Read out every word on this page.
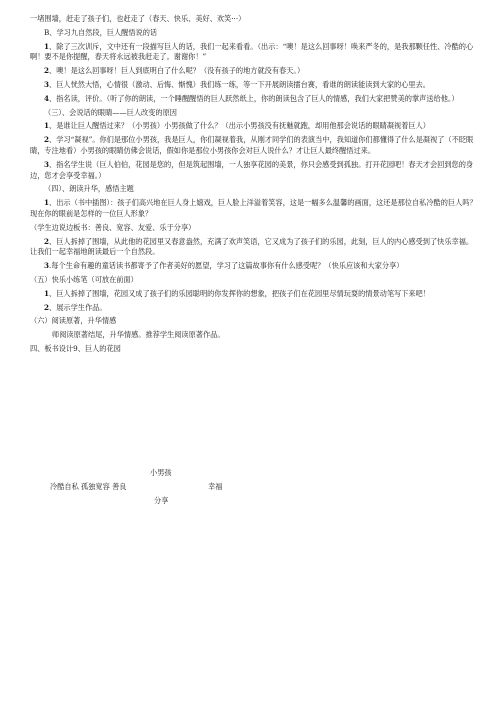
一堵围墙，赶走了孩子们，也赶走了（春天、快乐、美好、欢笑···）

B、学习九自然段，巨人醒悟说的话

1、除了三次训斥，文中还有一段描写巨人的话，我们一起来看看。（出示：“噢！是这么回事呀！唤来严冬的，是我那颗任性、冷酷的心啊！要不是你提醒，春天将永远被我赶走了。谢谢你！”

2、噢！是这么回事呀！巨人到底明白了什么呢？（没有孩子的地方就没有春天。）

3、巨人恍然大悟，心情很（激动、后悔、惭愧）我们练一练，等一下开展朗读擂台赛，看谁的朗读能读到大家的心里去。

4、指名读，评价。（听了你的朗读，一个睡醒醒悟的巨人跃然纸上，你的朗读包含了巨人的情感，我们大家把赞美的掌声送给他。）

（三）、会说话的眼睛——巨人改变的原因

1、是谁让巨人醒悟过来？（小男孩）小男孩做了什么？（出示小男孩没有抚魅就跑，却用他那会说话的眼睛凝视着巨人）

2、学习“凝视”。你们是那位小男孩，我是巨人，你们凝视着我，从刚才同学们的表演当中，我知道你们都懂得了什么是凝视了（不眨眼睛，专注地看）小男孩的眼睛仿佛会说话，假如你是那位小男孩你会对巨人说什么？才让巨人最终醒悟过来。

3、指名学生说（巨人伯伯，花园是您的，但是筑起围墙，一人独享花园的美景，你只会感受到孤独。打开花园吧！春天才会回到您的身边，您才会享受幸福。）

（四）、朗读升华，感悟主题

1、出示（书中插图）：孩子们高兴地在巨人身上嬉戏，巨人脸上洋溢着笑容，这是一幅多么温馨的画面，这还是那位自私冷酷的巨人吗？现在你的眼前是怎样的一位巨人形象？

（学生边说边板书：善良、宽容、友爱、乐于分享）

2、巨人拆掉了围墙，从此他的花园里又春意盎然，充满了欢声笑语，它又成为了孩子们的乐园，此刻，巨人的内心感受到了快乐幸福。让我们一起幸福地朗读最后一个自然段。

3.每个生命有趣的童话读书都寄予了作者美好的愿望，学习了这篇故事你有什么感受呢？（快乐应该和大家分享）

（五）快乐小练笔（可放在前面）

1、巨人拆掉了围墙，花园又成了孩子们的乐园聪明的你发挥你的想象，把孩子们在花园里尽情玩耍的情景动笔写下来吧！

2、展示学生作品。

（六）阅读原著，升华情感

师阅读原著结尾，升华情感。推荐学生阅读原著作品。

四、板书设计9、巨人的花园

小男孩
冷酷自私 孤独宽容 善良	幸福
分享
